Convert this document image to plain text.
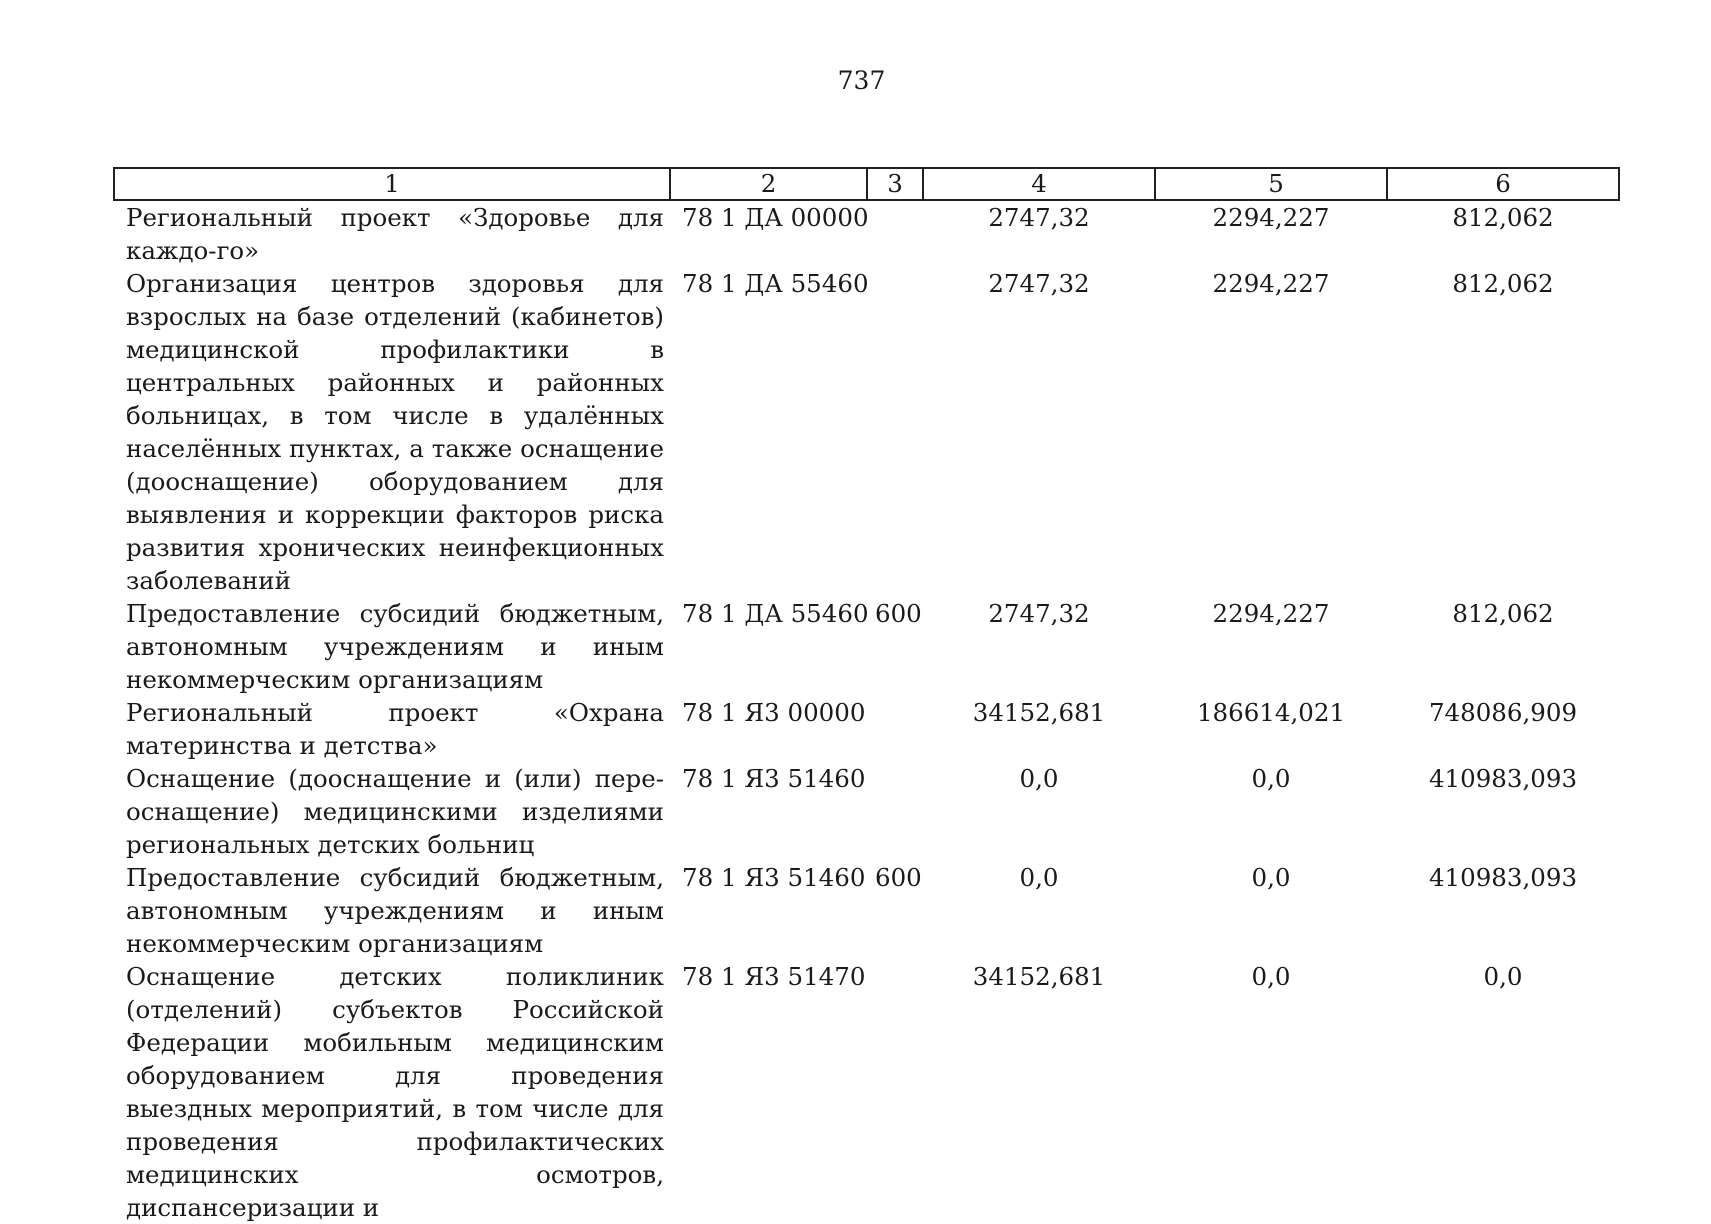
737
1	2	3	4	5	6
Региональный проект «Здоровье для каждо-го»	78 1 ДА 00000		2747,32	2294,227	812,062
Организация центров здоровья для взрослых на базе отделений (кабинетов) медицинской профилактики в центральных районных и районных больницах, в том числе в удалённых населённых пунктах, а также оснащение (дооснащение) оборудованием для выявления и коррекции факторов риска развития хронических неинфекционных заболеваний	78 1 ДА 55460		2747,32	2294,227	812,062
Предоставление субсидий бюджетным, автономным учреждениям и иным некоммерческим организациям	78 1 ДА 55460	600	2747,32	2294,227	812,062
Региональный проект «Охрана материнства и детства»	78 1 Я3 00000		34152,681	186614,021	748086,909
Оснащение (дооснащение и (или) переоснащение) медицинскими изделиями региональных детских больниц	78 1 Я3 51460		0,0	0,0	410983,093
Предоставление субсидий бюджетным, автономным учреждениям и иным некоммерческим организациям	78 1 Я3 51460	600	0,0	0,0	410983,093
Оснащение детских поликлиник (отделений) субъектов Российской Федерации мобильным медицинским оборудованием для проведения выездных мероприятий, в том числе для проведения профилактических медицинских осмотров, диспансеризации и	78 1 Я3 51470		34152,681	0,0	0,0
